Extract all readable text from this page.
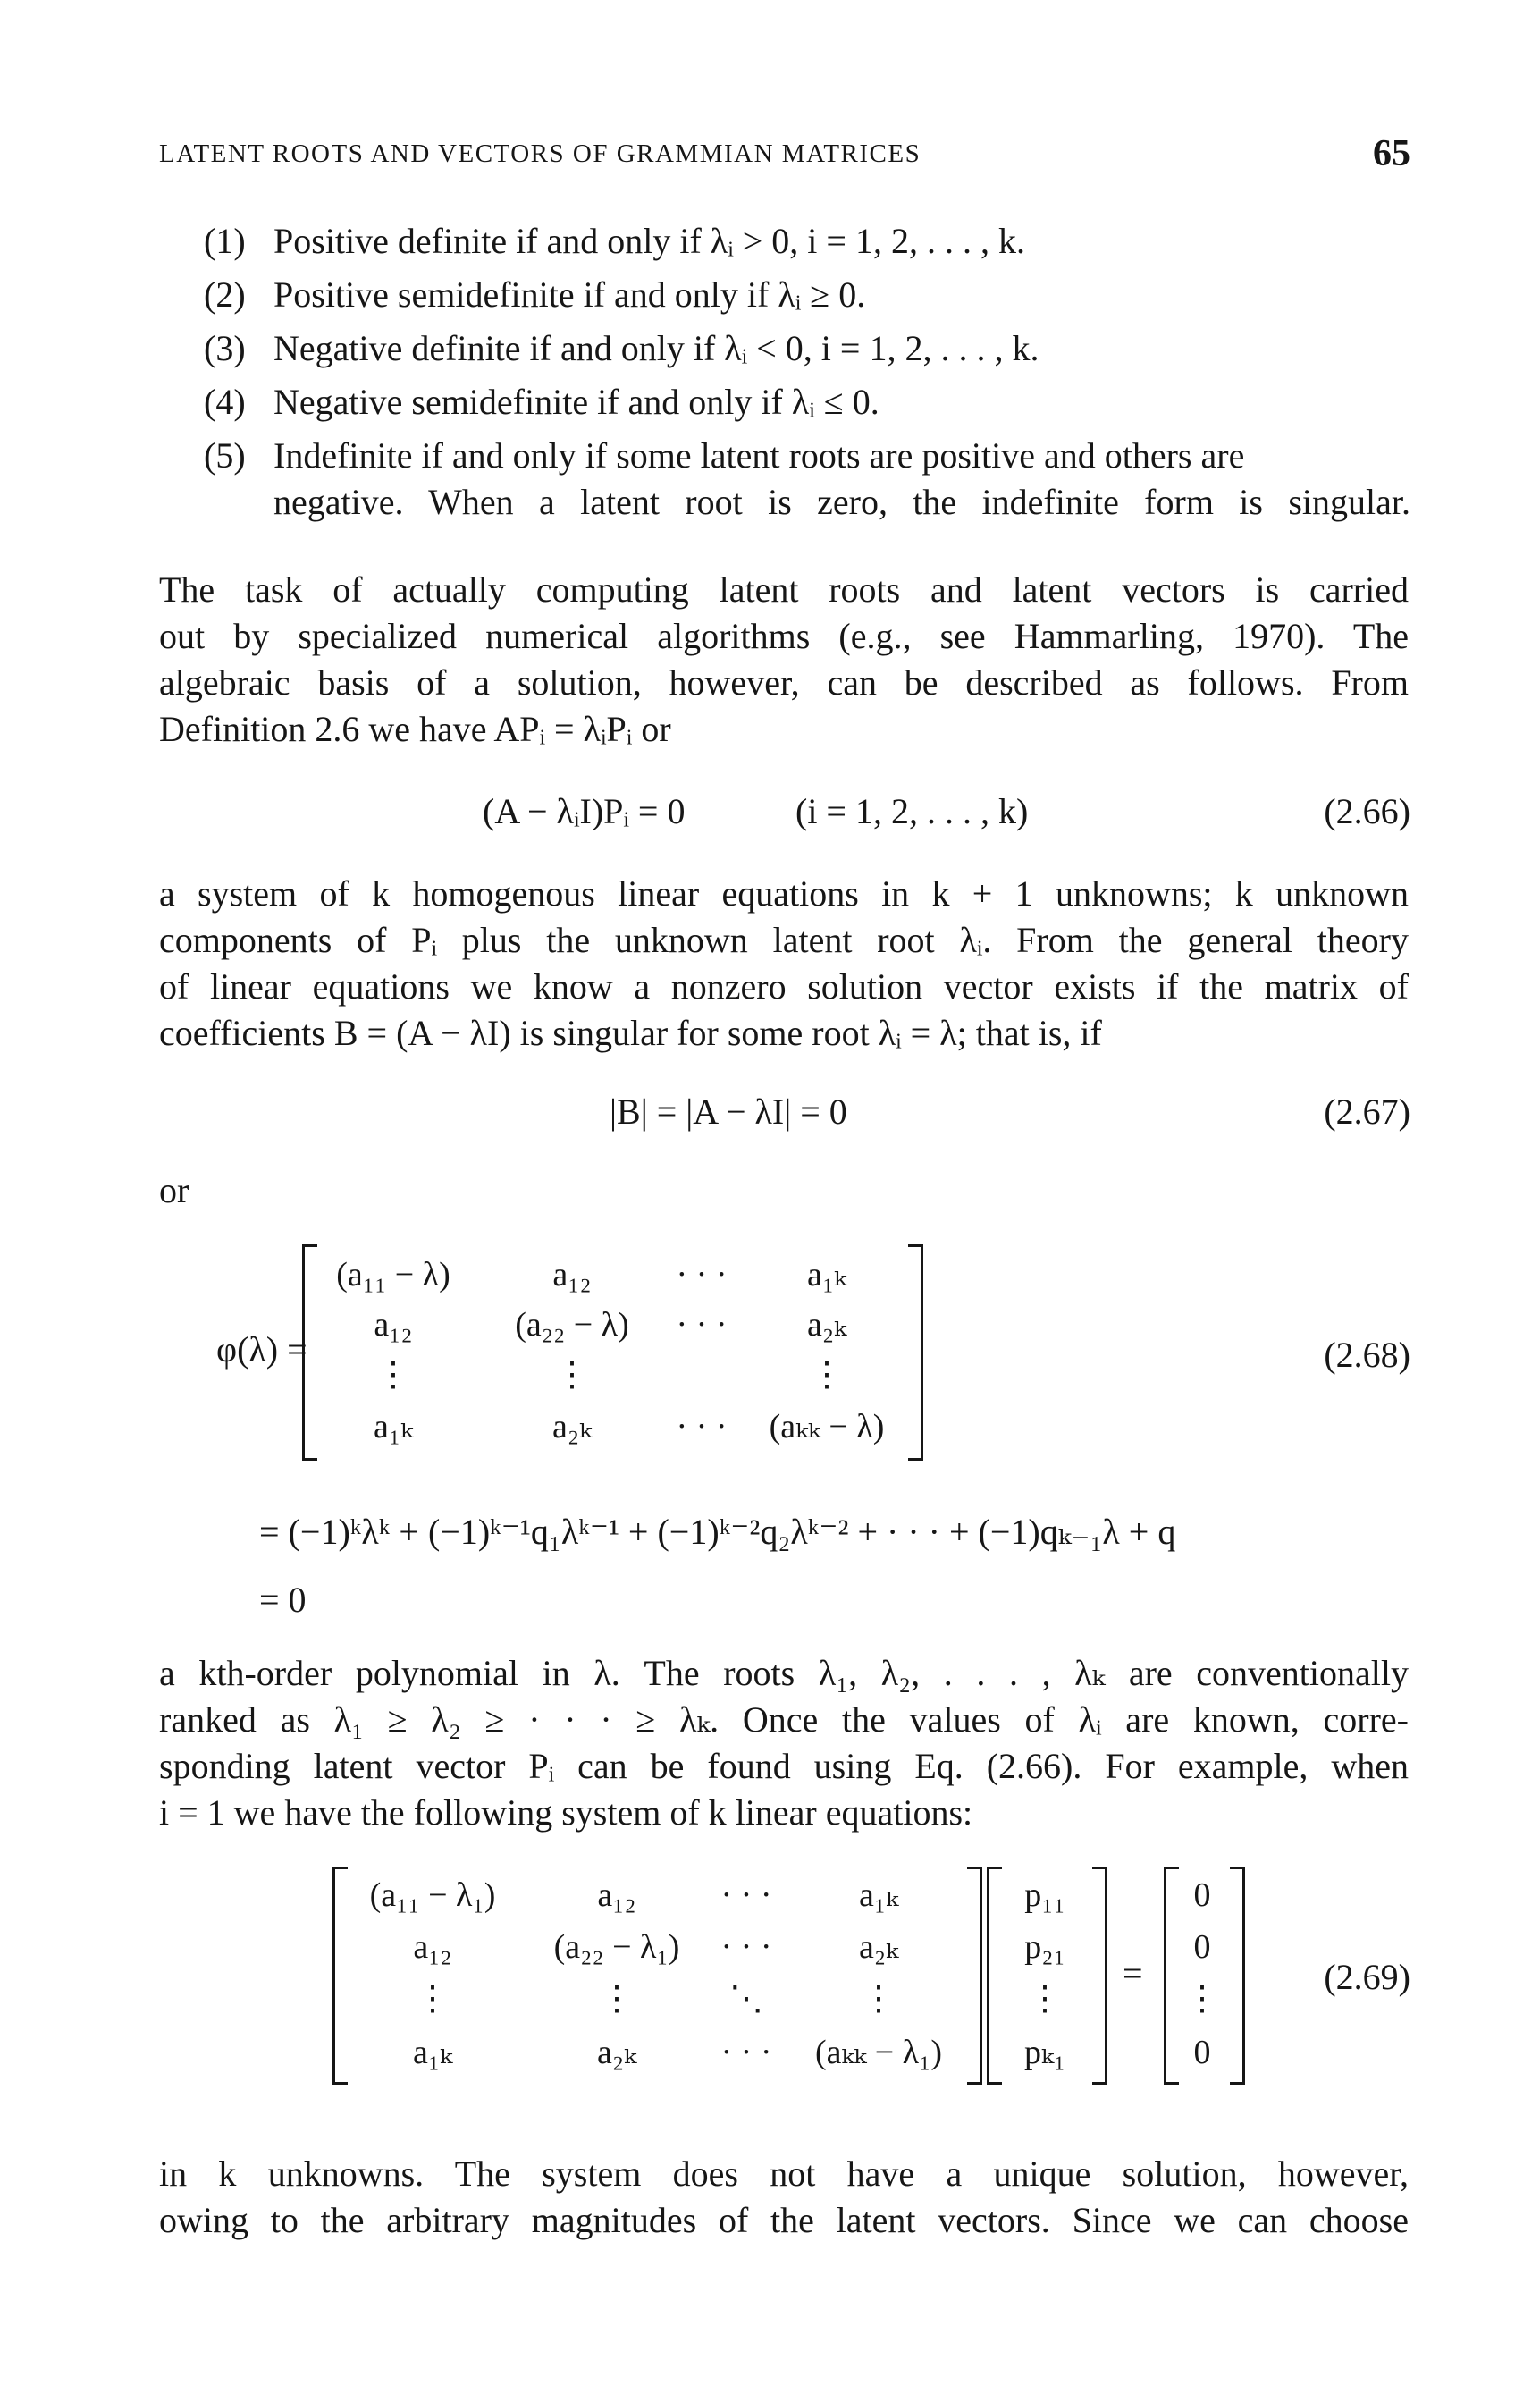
LATENT ROOTS AND VECTORS OF GRAMMIAN MATRICES	65
(1) Positive definite if and only if λᵢ > 0, i = 1, 2, . . . , k.
(2) Positive semidefinite if and only if λᵢ ≥ 0.
(3) Negative definite if and only if λᵢ < 0, i = 1, 2, . . . , k.
(4) Negative semidefinite if and only if λᵢ ≤ 0.
(5) Indefinite if and only if some latent roots are positive and others are
negative. When a latent root is zero, the indefinite form is singular.
The task of actually computing latent roots and latent vectors is carried
out by specialized numerical algorithms (e.g., see Hammarling, 1970). The
algebraic basis of a solution, however, can be described as follows. From
Definition 2.6 we have APᵢ = λᵢPᵢ or
(A − λᵢI)Pᵢ = 0	(i = 1, 2, . . . , k)	(2.66)
a system of k homogenous linear equations in k + 1 unknowns; k unknown
components of Pᵢ plus the unknown latent root λᵢ. From the general theory
of linear equations we know a nonzero solution vector exists if the matrix of
coefficients B = (A − λI) is singular for some root λᵢ = λ; that is, if
|B| = |A − λI| = 0	(2.67)
or
φ(λ) =
(a₁₁ − λ)	a₁₂	· · ·	a₁ₖ
a₁₂	(a₂₂ − λ)	· · ·	a₂ₖ
⋮	⋮	⋮
a₁ₖ	a₂ₖ	· · ·	(aₖₖ − λ)
(2.68)
= (−1)ᵏλᵏ + (−1)ᵏ⁻¹q₁λᵏ⁻¹ + (−1)ᵏ⁻²q₂λᵏ⁻² + · · · + (−1)qₖ₋₁λ + q
= 0
a kth-order polynomial in λ. The roots λ₁, λ₂, . . . , λₖ are conventionally
ranked as λ₁ ≥ λ₂ ≥ · · · ≥ λₖ. Once the values of λᵢ are known, corre-
sponding latent vector Pᵢ can be found using Eq. (2.66). For example, when
i = 1 we have the following system of k linear equations:
(a₁₁ − λ₁)	a₁₂	· · ·	a₁ₖ
a₁₂	(a₂₂ − λ₁)	· · ·	a₂ₖ
⋮	⋮	⋱	⋮
a₁ₖ	a₂ₖ	· · ·	(aₖₖ − λ₁)
p₁₁
p₂₁
⋮
pₖ₁
=
0
0
⋮
0
(2.69)
in k unknowns. The system does not have a unique solution, however,
owing to the arbitrary magnitudes of the latent vectors. Since we can choose
